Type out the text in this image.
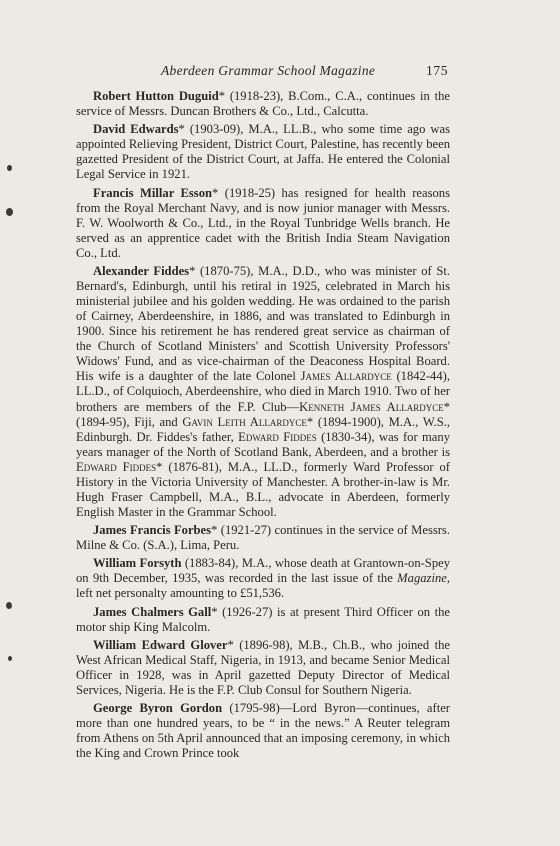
Aberdeen Grammar School Magazine	175

Robert Hutton Duguid* (1918-23), B.Com., C.A., continues in the service of Messrs. Duncan Brothers & Co., Ltd., Calcutta.

David Edwards* (1903-09), M.A., LL.B., who some time ago was appointed Relieving President, District Court, Palestine, has recently been gazetted President of the District Court, at Jaffa. He entered the Colonial Legal Service in 1921.

Francis Millar Esson* (1918-25) has resigned for health reasons from the Royal Merchant Navy, and is now junior manager with Messrs. F. W. Woolworth & Co., Ltd., in the Royal Tunbridge Wells branch. He served as an apprentice cadet with the British India Steam Navigation Co., Ltd.

Alexander Fiddes* (1870-75), M.A., D.D., who was minister of St. Bernard's, Edinburgh, until his retiral in 1925, celebrated in March his ministerial jubilee and his golden wedding. He was ordained to the parish of Cairney, Aberdeenshire, in 1886, and was translated to Edinburgh in 1900. Since his retirement he has rendered great service as chairman of the Church of Scotland Ministers' and Scottish University Professors' Widows' Fund, and as vice-chairman of the Deaconess Hospital Board. His wife is a daughter of the late Colonel James Allardyce (1842-44), LL.D., of Colquioch, Aberdeenshire, who died in March 1910. Two of her brothers are members of the F.P. Club—Kenneth James Allardyce* (1894-95), Fiji, and Gavin Leith Allardyce* (1894-1900), M.A., W.S., Edinburgh. Dr. Fiddes's father, Edward Fiddes (1830-34), was for many years manager of the North of Scotland Bank, Aberdeen, and a brother is Edward Fiddes* (1876-81), M.A., LL.D., formerly Ward Professor of History in the Victoria University of Manchester. A brother-in-law is Mr. Hugh Fraser Campbell, M.A., B.L., advocate in Aberdeen, formerly English Master in the Grammar School.

James Francis Forbes* (1921-27) continues in the service of Messrs. Milne & Co. (S.A.), Lima, Peru.

William Forsyth (1883-84), M.A., whose death at Grantown-on-Spey on 9th December, 1935, was recorded in the last issue of the Magazine, left net personalty amounting to £51,536.

James Chalmers Gall* (1926-27) is at present Third Officer on the motor ship King Malcolm.

William Edward Glover* (1896-98), M.B., Ch.B., who joined the West African Medical Staff, Nigeria, in 1913, and became Senior Medical Officer in 1928, was in April gazetted Deputy Director of Medical Services, Nigeria. He is the F.P. Club Consul for Southern Nigeria.

George Byron Gordon (1795-98)—Lord Byron—continues, after more than one hundred years, to be “ in the news.” A Reuter telegram from Athens on 5th April announced that an imposing ceremony, in which the King and Crown Prince took
